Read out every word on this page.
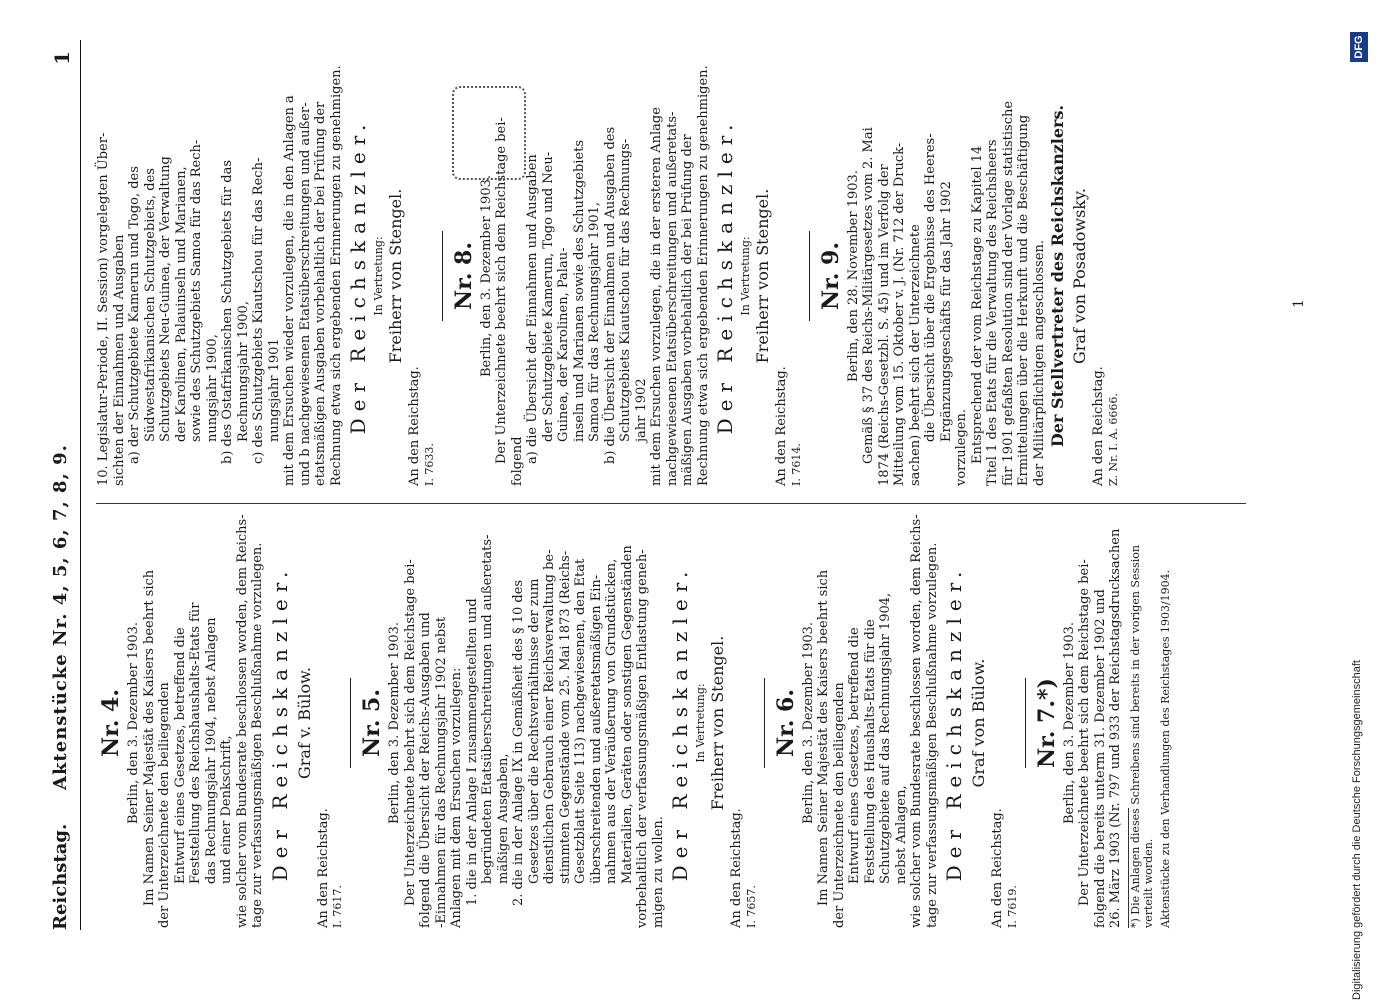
Reichstag.
Aktenstücke Nr. 4, 5, 6, 7, 8, 9.
1
Nr. 4. Berlin, den 3. Dezember 1903. Im Namen Seiner Majestät des Kaisers beehrt sich der Unterzeichnete den beiliegenden Entwurf eines Gesetzes, betreffend die Feststellung des Reichshaushalts-Etats für das Rechnungsjahr 1904, nebst Anlagen und einer Denkschrift, wie solcher vom Bundesrate beschlossen worden, dem Reichs- tage zur verfassungsmäßigen Beschlußnahme vorzulegen. Der Reichskanzler. Graf v. Bülow.
An den Reichstag. I. 7617.
Nr. 5. Berlin, den 3. Dezember 1903. Der Unterzeichnete beehrt sich dem Reichstage bei- folgend die Übersicht der Reichs-Ausgaben und -Einnahmen für das Rechnungsjahr 1902 nebst Anlagen mit dem Ersuchen vorzulegen: 1. die in der Anlage I zusammengestellten und begründeten Etatsüberschreitungen und außeretats- mäßigen Ausgaben, 2. die in der Anlage IX in Gemäßheit des § 10 des Gesetzes über die Rechtsverhältnisse der zum dienstlichen Gebrauch einer Reichsverwaltung be- stimmten Gegenstände vom 25. Mai 1873 (Reichs- Gesetzblatt Seite 113) nachgewiesenen, den Etat überschreitenden und außeretatsmäßigen Ein- nahmen aus der Veräußerung von Grundstücken, Materialien, Geräten oder sonstigen Gegenständen vorbehaltlich der verfassungsmäßigen Entlastung geneh- migen zu wollen. Der Reichskanzler. In Vertretung: Freiherr von Stengel.
An den Reichstag. I. 7657.
Nr. 6. Berlin, den 3. Dezember 1903. Im Namen Seiner Majestät des Kaisers beehrt sich der Unterzeichnete den beiliegenden Entwurf eines Gesetzes, betreffend die Feststellung des Haushalts-Etats für die Schutzgebiete auf das Rechnungsjahr 1904, nebst Anlagen, wie solcher vom Bundesrate beschlossen worden, dem Reichs- tage zur verfassungsmäßigen Beschlußnahme vorzulegen. Der Reichskanzler. Graf von Bülow.
An den Reichstag. I. 7619.
Nr. 7.*) Berlin, den 3. Dezember 1903. Der Unterzeichnete beehrt sich dem Reichstage bei- folgend die bereits unterm 31. Dezember 1902 und 26. März 1903 (Nr. 797 und 933 der Reichstagsdrucksachen *) Die Anlagen dieses Schreibens sind bereits in der vorigen Session verteilt worden. Aktenstücke zu den Verhandlungen des Reichstages 1903/1904.
10. Legislatur-Periode, II. Session) vorgelegten Über- sichten der Einnahmen und Ausgaben a) der Schutzgebiete Kamerun und Togo, des Südwestafrikanischen Schutzgebiets, des Schutzgebiets Neu-Guinea, der Verwaltung der Karolinen, Palauinseln und Marianen, sowie des Schutzgebiets Samoa für das Rech- nungsjahr 1900, b) des Ostafrikanischen Schutzgebiets für das Rechnungsjahr 1900, c) des Schutzgebiets Kiautschou für das Rech- nungsjahr 1901 mit dem Ersuchen wieder vorzulegen, die in den Anlagen a und b nachgewiesenen Etatsüberschreitungen und außer- etatsmäßigen Ausgaben vorbehaltlich der bei Prüfung der Rechnung etwa sich ergebenden Erinnerungen zu genehmigen. Der Reichskanzler. In Vertretung: Freiherr von Stengel.
An den Reichstag. I. 7633.
Nr. 8. Berlin, den 3. Dezember 1903. Der Unterzeichnete beehrt sich dem Reichstage bei- folgend a) die Übersicht der Einnahmen und Ausgaben der Schutzgebiete Kamerun, Togo und Neu- Guinea, der Karolinen, Palau- inseln und Marianen sowie des Schutzgebiets Samoa für das Rechnungsjahr 1901, b) die Übersicht der Einnahmen und Ausgaben des Schutzgebiets Kiautschou für das Rechnungs- jahr 1902 mit dem Ersuchen vorzulegen, die in der ersteren Anlage nachgewiesenen Etatsüberschreitungen und außeretats- mäßigen Ausgaben vorbehaltlich der bei Prüfung der Rechnung etwa sich ergebenden Erinnerungen zu genehmigen. Der Reichskanzler. In Vertretung: Freiherr von Stengel.
An den Reichstag. I. 7614.
Nr. 9. Berlin, den 28. November 1903. Gemäß § 37 des Reichs-Militärgesetzes vom 2. Mai 1874 (Reichs-Gesetzbl. S. 45) und im Verfolg der Mitteilung vom 15. Oktober v. J. (Nr. 712 der Druck- sachen) beehrt sich der Unterzeichnete die Übersicht über die Ergebnisse des Heeres- Ergänzungsgeschäfts für das Jahr 1902
vorzulegen. Entsprechend der vom Reichstage zu Kapitel 14 Titel 1 des Etats für die Verwaltung des Reichsheers für 1901 gefaßten Resolution sind der Vorlage statistische Ermittelungen über die Herkunft und die Beschäftigung der Militärpflichtigen angeschlossen. Der Stellvertreter des Reichskanzlers. Graf von Posadowsky.
An den Reichstag. Z. Nr. I. A. 6666.
1
Digitalisierung gefördert durch die Deutsche Forschungsgemeinschaft
DFG
